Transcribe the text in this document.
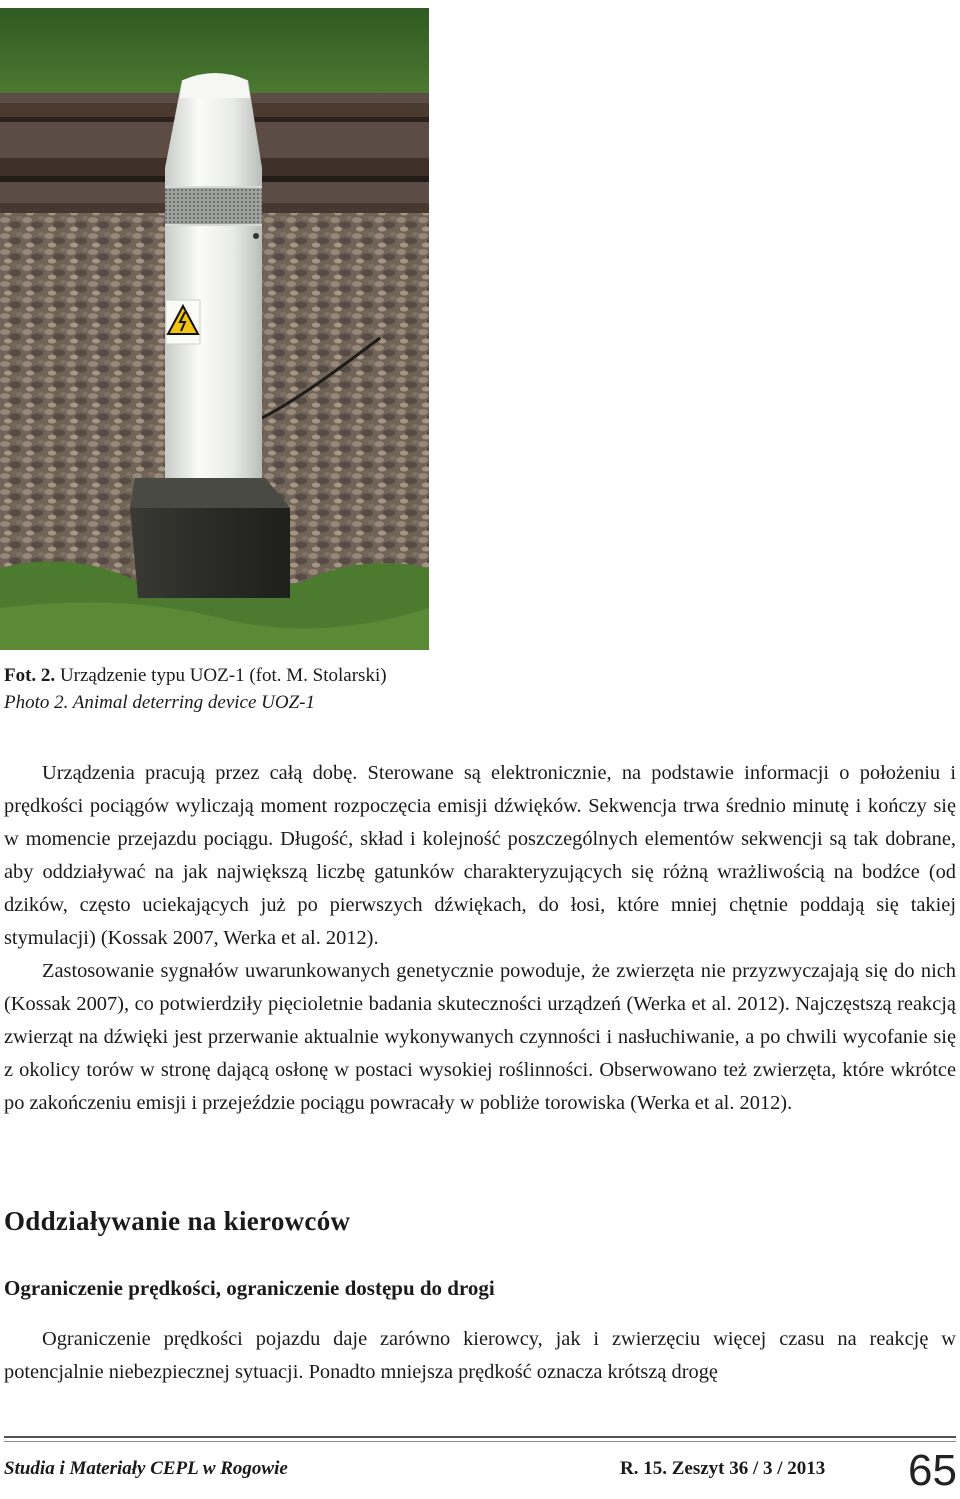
Fot. 2. Urządzenie typu UOZ-1 (fot. M. Stolarski)
Photo 2. Animal deterring device UOZ-1

Urządzenia pracują przez całą dobę. Sterowane są elektronicznie, na podstawie informacji o położeniu i prędkości pociągów wyliczają moment rozpoczęcia emisji dźwięków. Sekwencja trwa średnio minutę i kończy się w momencie przejazdu pociągu. Długość, skład i kolejność poszczególnych elementów sekwencji są tak dobrane, aby oddziaływać na jak największą liczbę gatunków charakteryzujących się różną wrażliwością na bodźce (od dzików, często uciekających już po pierwszych dźwiękach, do łosi, które mniej chętnie poddają się takiej stymulacji) (Kossak 2007, Werka et al. 2012).

Zastosowanie sygnałów uwarunkowanych genetycznie powoduje, że zwierzęta nie przyzwyczajają się do nich (Kossak 2007), co potwierdziły pięcioletnie badania skuteczności urządzeń (Werka et al. 2012). Najczęstszą reakcją zwierząt na dźwięki jest przerwanie aktualnie wykonywanych czynności i nasłuchiwanie, a po chwili wycofanie się z okolicy torów w stronę dającą osłonę w postaci wysokiej roślinności. Obserwowano też zwierzęta, które wkrótce po zakończeniu emisji i przejeździe pociągu powracały w pobliże torowiska (Werka et al. 2012).

Oddziaływanie na kierowców
Ograniczenie prędkości, ograniczenie dostępu do drogi

Ograniczenie prędkości pojazdu daje zarówno kierowcy, jak i zwierzęciu więcej czasu na reakcję w potencjalnie niebezpiecznej sytuacji. Ponadto mniejsza prędkość oznacza krótszą drogę

Studia i Materiały CEPL w Rogowie	R. 15. Zeszyt 36 / 3 / 2013 65
